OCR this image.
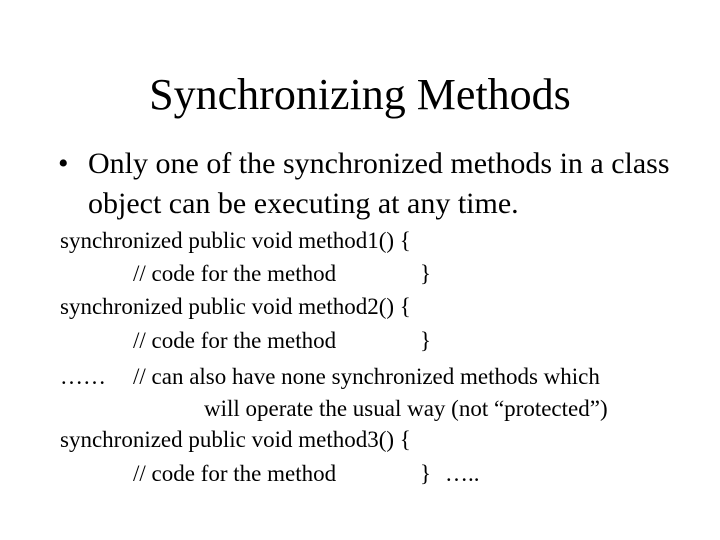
Synchronizing Methods
• Only one of the synchronized methods in a class object can be executing at any time.
synchronized public void method1() {
// code for the method	}
synchronized public void method2() {
// code for the method	}
…… // can also have none synchronized methods which
will operate the usual way (not “protected”)
synchronized public void method3() {
// code for the method	} …..
